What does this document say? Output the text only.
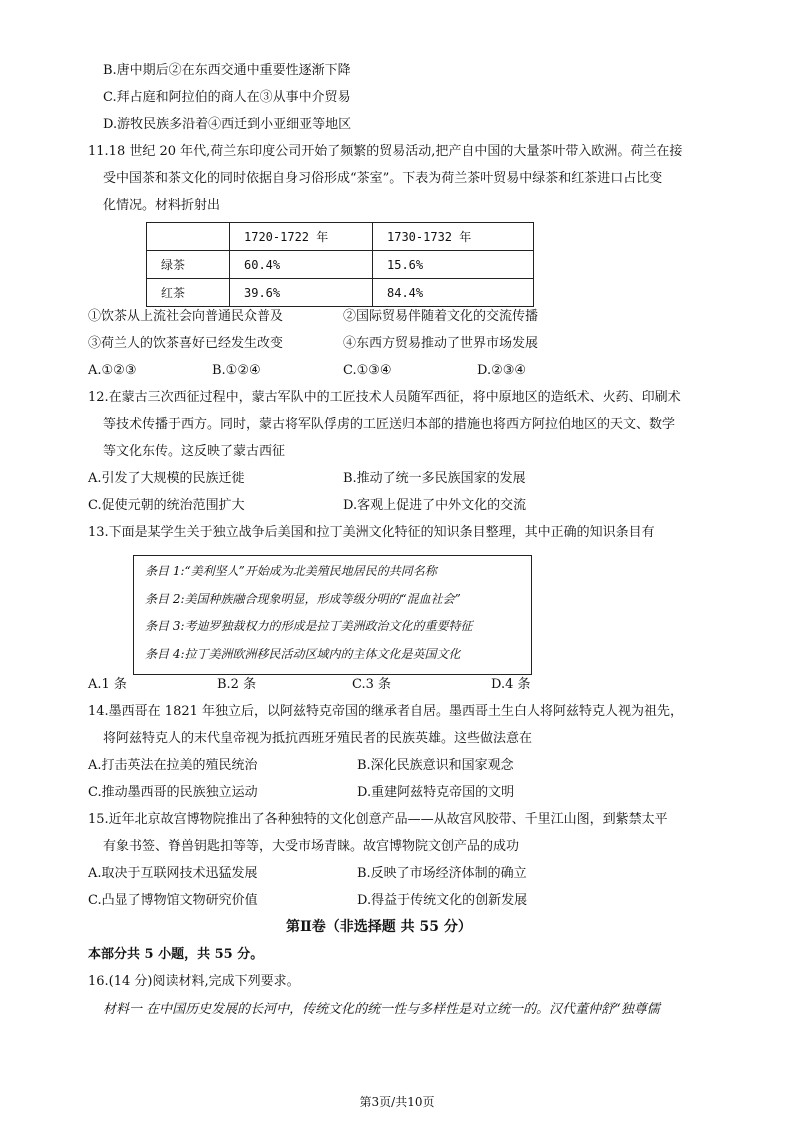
B.唐中期后②在东西交通中重要性逐渐下降
C.拜占庭和阿拉伯的商人在③从事中介贸易
D.游牧民族多沿着④西迁到小亚细亚等地区
11.18 世纪 20 年代,荷兰东印度公司开始了频繁的贸易活动,把产自中国的大量茶叶带入欧洲。荷兰在接
受中国茶和茶文化的同时依据自身习俗形成“茶室”。下表为荷兰茶叶贸易中绿茶和红茶进口占比变
化情况。材料折射出
	1720-1722 年	1730-1732 年
绿茶	60.4%	15.6%
红茶	39.6%	84.4%
①饮茶从上流社会向普通民众普及	②国际贸易伴随着文化的交流传播
③荷兰人的饮茶喜好已经发生改变	④东西方贸易推动了世界市场发展
A.①②③	B.①②④	C.①③④	D.②③④
12.在蒙古三次西征过程中，蒙古军队中的工匠技术人员随军西征，将中原地区的造纸术、火药、印刷术
等技术传播于西方。同时，蒙古将军队俘虏的工匠送归本部的措施也将西方阿拉伯地区的天文、数学
等文化东传。这反映了蒙古西征
A.引发了大规模的民族迁徙	B.推动了统一多民族国家的发展
C.促使元朝的统治范围扩大	D.客观上促进了中外文化的交流
13.下面是某学生关于独立战争后美国和拉丁美洲文化特征的知识条目整理，其中正确的知识条目有
条目 1:“美利坚人”开始成为北美殖民地居民的共同名称
条目 2:美国种族融合现象明显，形成等级分明的“混血社会”
条目 3:考迪罗独裁权力的形成是拉丁美洲政治文化的重要特征
条目 4:拉丁美洲欧洲移民活动区域内的主体文化是英国文化
A.1 条	B.2 条	C.3 条	D.4 条
14.墨西哥在 1821 年独立后，以阿兹特克帝国的继承者自居。墨西哥土生白人将阿兹特克人视为祖先，
将阿兹特克人的末代皇帝视为抵抗西班牙殖民者的民族英雄。这些做法意在
A.打击英法在拉美的殖民统治	B.深化民族意识和国家观念
C.推动墨西哥的民族独立运动	D.重建阿兹特克帝国的文明
15.近年北京故宫博物院推出了各种独特的文化创意产品——从故宫风胶带、千里江山图，到紫禁太平
有象书签、脊兽钥匙扣等等，大受市场青睐。故宫博物院文创产品的成功
A.取决于互联网技术迅猛发展	B.反映了市场经济体制的确立
C.凸显了博物馆文物研究价值	D.得益于传统文化的创新发展
第Ⅱ卷（非选择题 共 55 分）
本部分共 5 小题，共 55 分。
16.(14 分)阅读材料,完成下列要求。
材料一 在中国历史发展的长河中，传统文化的统一性与多样性是对立统一的。汉代董仲舒“独尊儒
第3页/共10页
